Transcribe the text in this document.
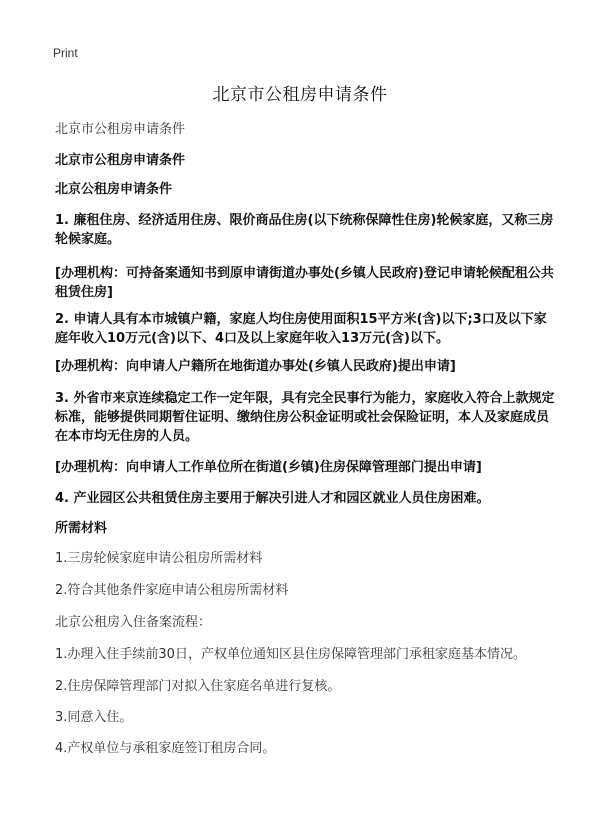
Print
北京市公租房申请条件

北京市公租房申请条件

北京市公租房申请条件

北京公租房申请条件

1. 廉租住房、经济适用住房、限价商品住房(以下统称保障性住房)轮候家庭，又称三房轮候家庭。

[办理机构：可持备案通知书到原申请街道办事处(乡镇人民政府)登记申请轮候配租公共租赁住房]

2. 申请人具有本市城镇户籍，家庭人均住房使用面积15平方米(含)以下;3口及以下家庭年收入10万元(含)以下、4口及以上家庭年收入13万元(含)以下。

[办理机构：向申请人户籍所在地街道办事处(乡镇人民政府)提出申请]

3. 外省市来京连续稳定工作一定年限，具有完全民事行为能力，家庭收入符合上款规定标准，能够提供同期暂住证明、缴纳住房公积金证明或社会保险证明，本人及家庭成员在本市均无住房的人员。

[办理机构：向申请人工作单位所在街道(乡镇)住房保障管理部门提出申请]

4. 产业园区公共租赁住房主要用于解决引进人才和园区就业人员住房困难。

所需材料

1.三房轮候家庭申请公租房所需材料

2.符合其他条件家庭申请公租房所需材料

北京公租房入住备案流程：

1.办理入住手续前30日，产权单位通知区县住房保障管理部门承租家庭基本情况。

2.住房保障管理部门对拟入住家庭名单进行复核。

3.同意入住。

4.产权单位与承租家庭签订租房合同。
